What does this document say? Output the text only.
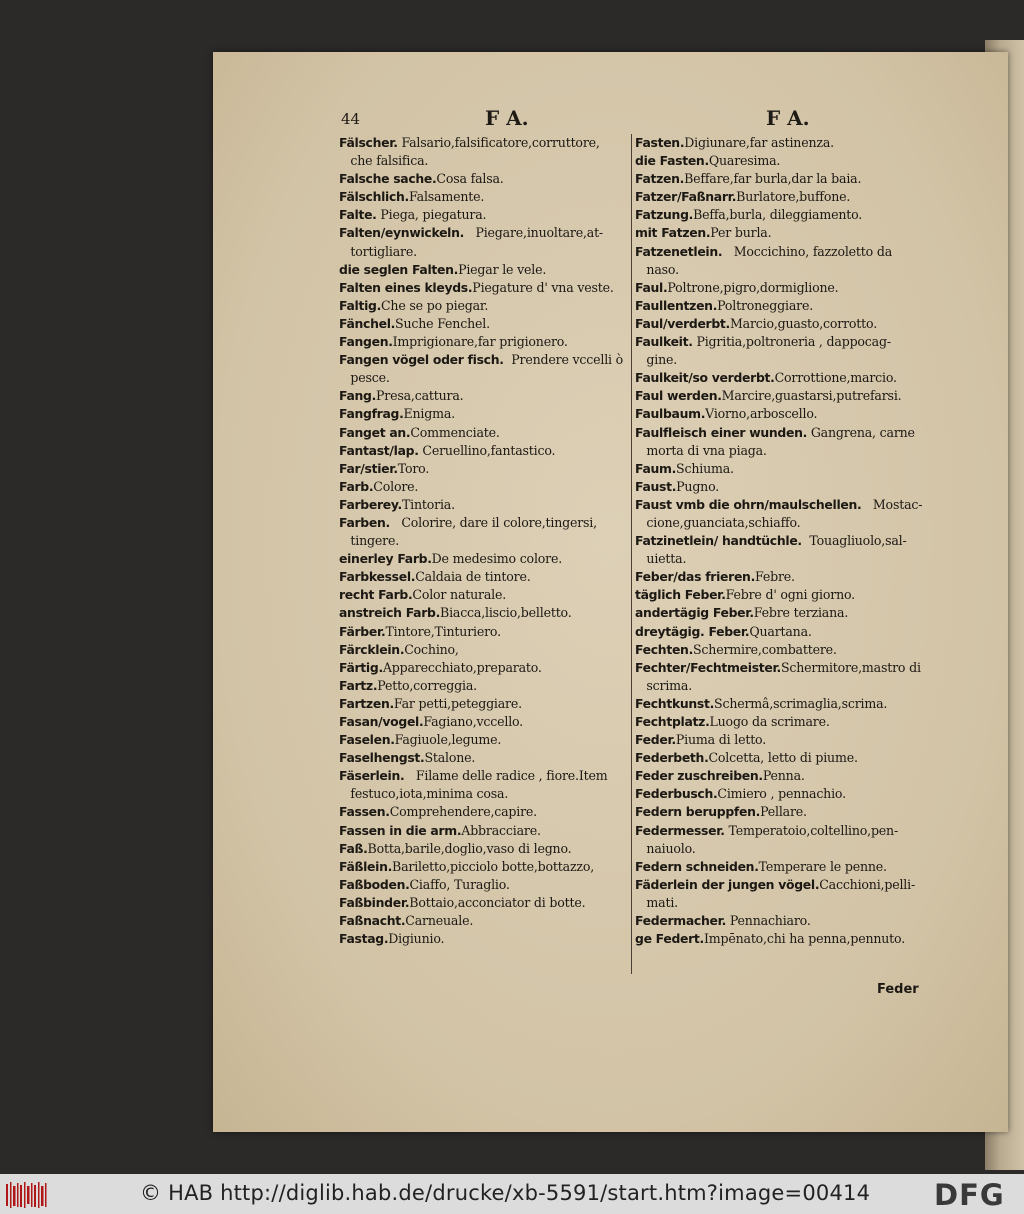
44	F A.	F A.

Fälscher. Falsario,falsificatore,corruttore,
che falsifica.

Falsche sache.Cosa falsa.

Fälschlich.Falsamente.

Falte. Piega, piegatura.

Falten/eynwickeln.   Piegare,inuoltare,at-
tortigliare.

die seglen Falten.Piegar le vele.

Falten eines kleyds.Piegature d' vna veste.

Faltig.Che se po piegar.

Fänchel.Suche Fenchel.

Fangen.Imprigionare,far prigionero.

Fangen vögel oder fisch.  Prendere vccelli ò
pesce.

Fang.Presa,cattura.

Fangfrag.Enigma.

Fanget an.Commenciate.

Fantast/lap. Ceruellino,fantastico.

Far/stier.Toro.

Farb.Colore.

Farberey.Tintoria.

Farben.   Colorire, dare il colore,tingersi,
tingere.

einerley Farb.De medesimo colore.

Farbkessel.Caldaia de tintore.

recht Farb.Color naturale.

anstreich Farb.Biacca,liscio,belletto.

Färber.Tintore,Tinturiero.

Färcklein.Cochino,

Färtig.Apparecchiato,preparato.

Fartz.Petto,correggia.

Fartzen.Far petti,peteggiare.

Fasan/vogel.Fagiano,vccello.

Faselen.Fagiuole,legume.

Faselhengst.Stalone.

Fäserlein.   Filame delle radice , fiore.Item
festuco,iota,minima cosa.

Fassen.Comprehendere,capire.

Fassen in die arm.Abbracciare.

Faß.Botta,barile,doglio,vaso di legno.

Fäßlein.Bariletto,picciolo botte,bottazzo,

Faßboden.Ciaffo, Turaglio.

Faßbinder.Bottaio,acconciator di botte.

Faßnacht.Carneuale.

Fastag.Digiunio.

Fasten.Digiunare,far astinenza.

die Fasten.Quaresima.

Fatzen.Beffare,far burla,dar la baia.

Fatzer/Faßnarr.Burlatore,buffone.

Fatzung.Beffa,burla, dileggiamento.

mit Fatzen.Per burla.

Fatzenetlein.   Moccichino, fazzoletto da
naso.

Faul.Poltrone,pigro,dormiglione.

Faullentzen.Poltroneggiare.

Faul/verderbt.Marcio,guasto,corrotto.

Faulkeit. Pigritia,poltroneria , dappocag-
gine.

Faulkeit/so verderbt.Corrottione,marcio.

Faul werden.Marcire,guastarsi,putrefarsi.

Faulbaum.Viorno,arboscello.

Faulfleisch einer wunden. Gangrena, carne
morta di vna piaga.

Faum.Schiuma.

Faust.Pugno.

Faust vmb die ohrn/maulschellen.   Mostac-
cione,guanciata,schiaffo.

Fatzinetlein/ handtüchle.  Touagliuolo,sal-
uietta.

Feber/das frieren.Febre.

täglich Feber.Febre d' ogni giorno.

andertägig Feber.Febre terziana.

dreytägig. Feber.Quartana.

Fechten.Schermire,combattere.

Fechter/Fechtmeister.Schermitore,mastro di
scrima.

Fechtkunst.Schermâ,scrimaglia,scrima.

Fechtplatz.Luogo da scrimare.

Feder.Piuma di letto.

Federbeth.Colcetta, letto di piume.

Feder zuschreiben.Penna.

Federbusch.Cimiero , pennachio.

Federn beruppfen.Pellare.

Federmesser. Temperatoio,coltellino,pen-
naiuolo.

Federn schneiden.Temperare le penne.

Fäderlein der jungen vögel.Cacchioni,pelli-
mati.

Federmacher. Pennachiaro.

ge Federt.Impēnato,chi ha penna,pennuto.

Feder
© HAB http://diglib.hab.de/drucke/xb-5591/start.htm?image=00414 DFG
